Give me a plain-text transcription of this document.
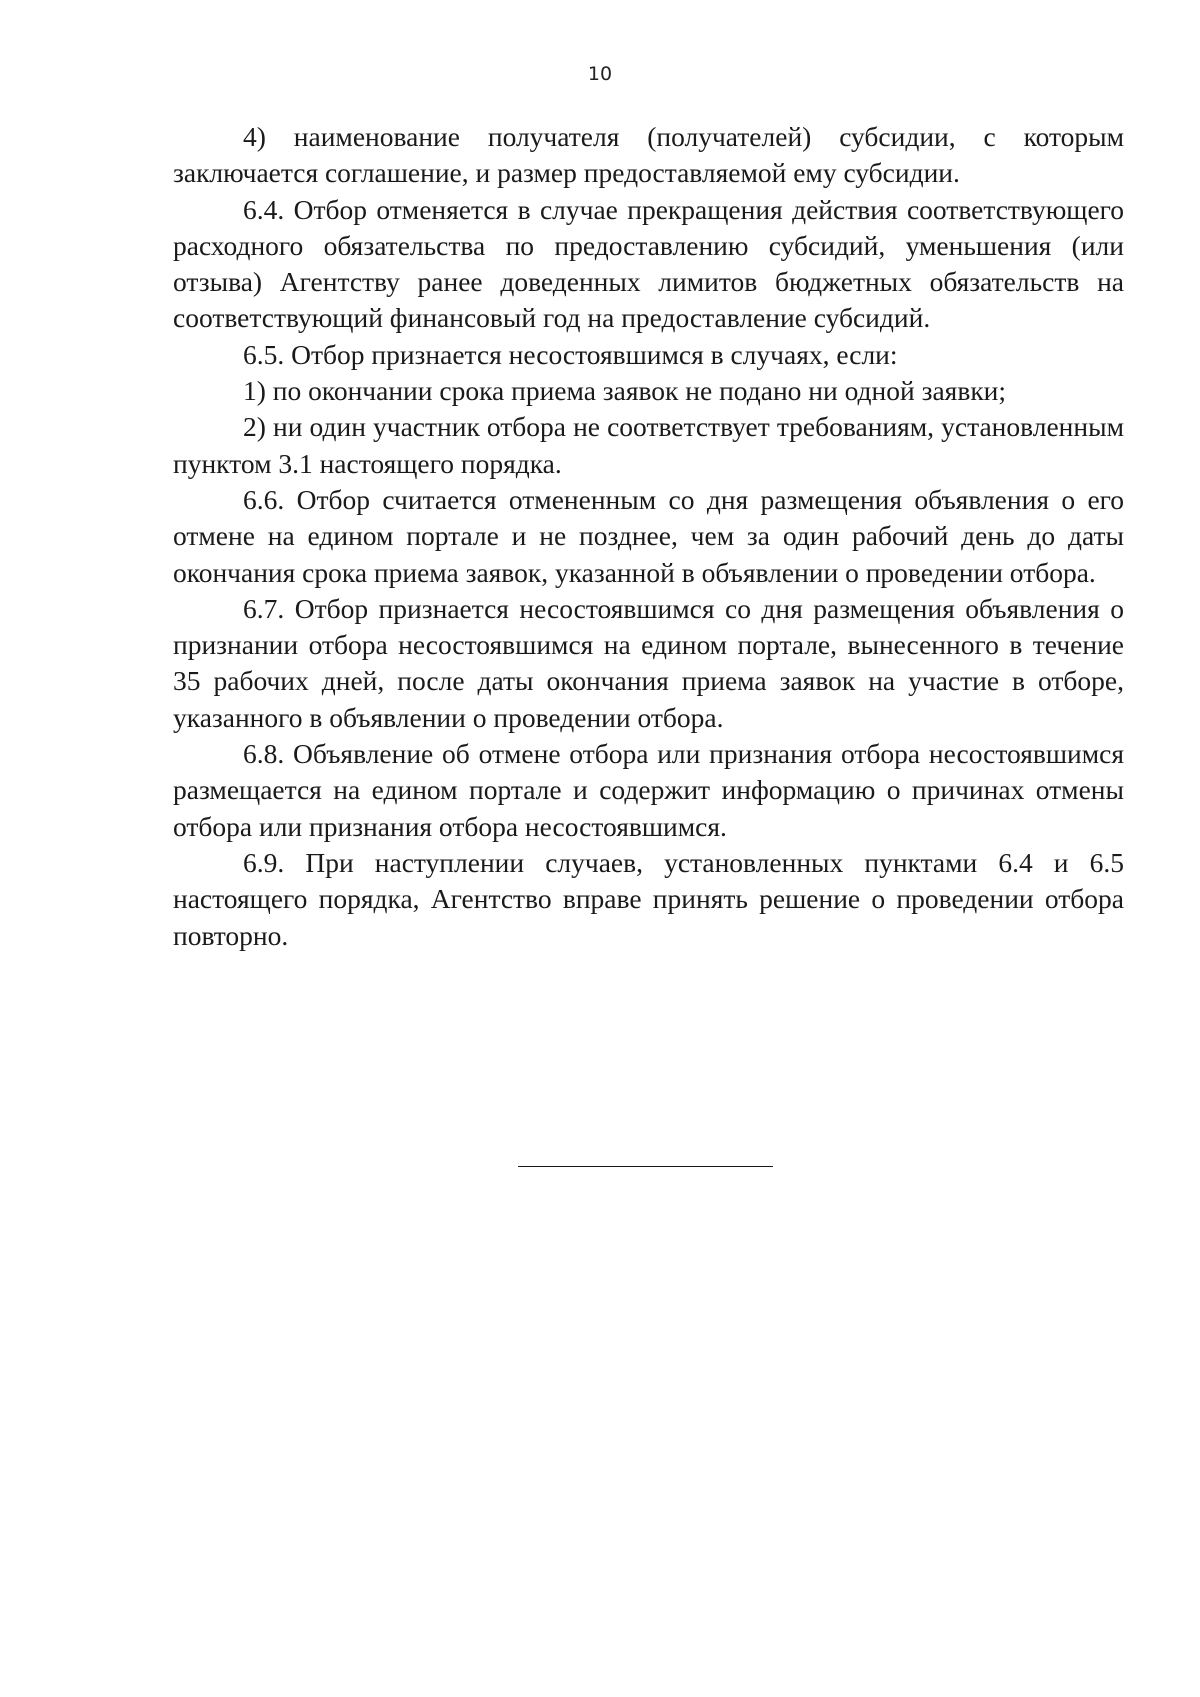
10

4) наименование получателя (получателей) субсидии, с которым заключается соглашение, и размер предоставляемой ему субсидии.

6.4. Отбор отменяется в случае прекращения действия соответствующего расходного обязательства по предоставлению субсидий, уменьшения (или отзыва) Агентству ранее доведенных лимитов бюджетных обязательств на соответствующий финансовый год на предоставление субсидий.

6.5. Отбор признается несостоявшимся в случаях, если:

1) по окончании срока приема заявок не подано ни одной заявки;

2) ни один участник отбора не соответствует требованиям, установленным пунктом 3.1 настоящего порядка.

6.6. Отбор считается отмененным со дня размещения объявления о его отмене на едином портале и не позднее, чем за один рабочий день до даты окончания срока приема заявок, указанной в объявлении о проведении отбора.

6.7. Отбор признается несостоявшимся со дня размещения объявления о признании отбора несостоявшимся на едином портале, вынесенного в течение 35 рабочих дней, после даты окончания приема заявок на участие в отборе, указанного в объявлении о проведении отбора.

6.8. Объявление об отмене отбора или признания отбора несостоявшимся размещается на едином портале и содержит информацию о причинах отмены отбора или признания отбора несостоявшимся.

6.9. При наступлении случаев, установленных пунктами 6.4 и 6.5 настоящего порядка, Агентство вправе принять решение о проведении отбора повторно.
